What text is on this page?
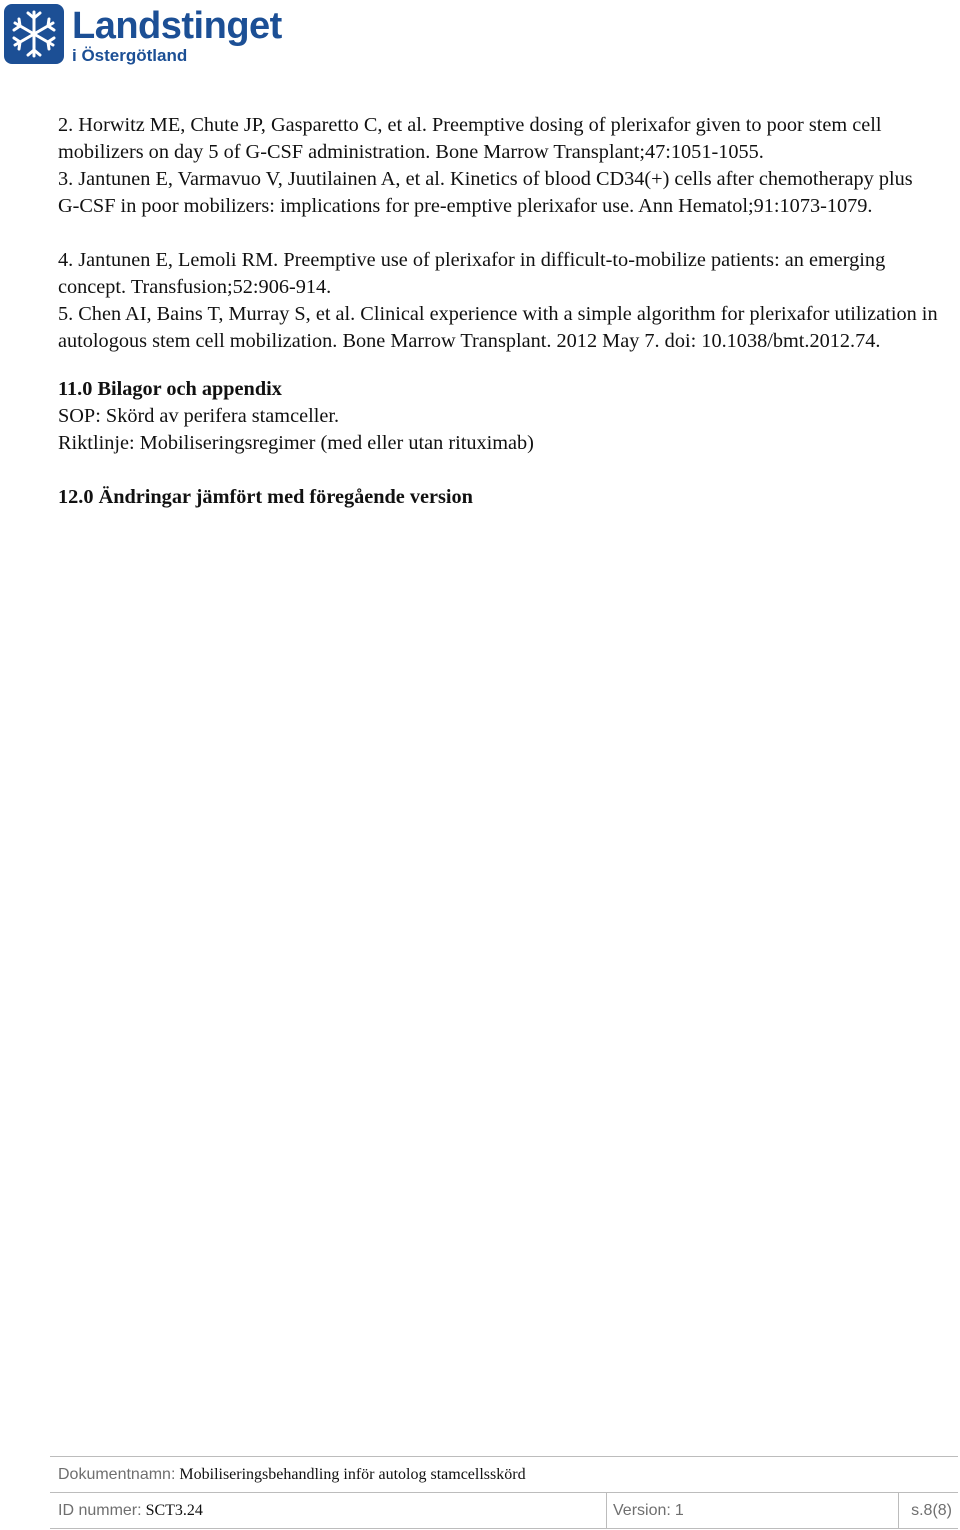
Landstinget
i Östergötland

2. Horwitz ME, Chute JP, Gasparetto C, et al. Preemptive dosing of plerixafor given to poor stem cell mobilizers on day 5 of G-CSF administration. Bone Marrow Transplant;47:1051-1055.

3. Jantunen E, Varmavuo V, Juutilainen A, et al. Kinetics of blood CD34(+) cells after chemotherapy plus G-CSF in poor mobilizers: implications for pre-emptive plerixafor use. Ann Hematol;91:1073-1079.

4. Jantunen E, Lemoli RM. Preemptive use of plerixafor in difficult-to-mobilize patients: an emerging concept. Transfusion;52:906-914.

5. Chen AI, Bains T, Murray S, et al. Clinical experience with a simple algorithm for plerixafor utilization in autologous stem cell mobilization. Bone Marrow Transplant. 2012 May 7. doi: 10.1038/bmt.2012.74.

11.0 Bilagor och appendix

SOP: Skörd av perifera stamceller.

Riktlinje: Mobiliseringsregimer (med eller utan rituximab)

12.0 Ändringar jämfört med föregående version

Dokumentnamn: Mobiliseringsbehandling inför autolog stamcellsskörd
ID nummer: SCT3.24	Version: 1	s.8(8)
